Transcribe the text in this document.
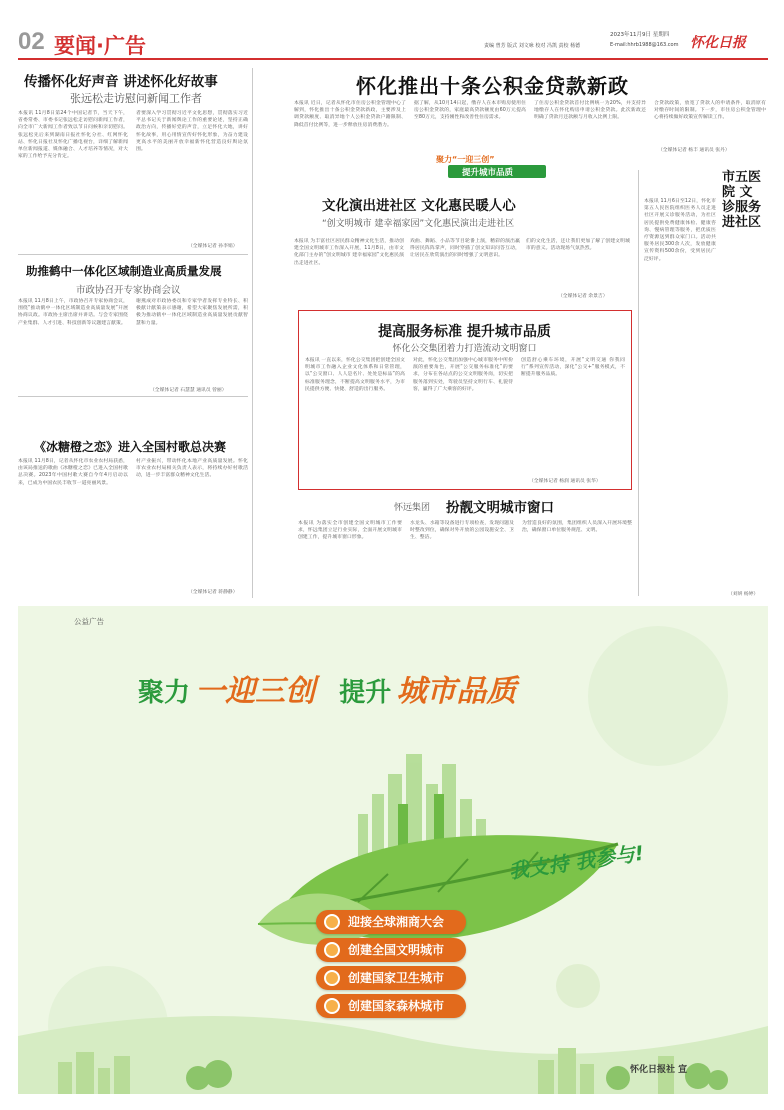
02 要闻·广告	2023年11月9日 星期四
责编 曾芳 版式 刘文咏 校对 冯凯 责校 杨德	E-mail:hhrb1988@163.com 怀化日报
传播怀化好声音 讲述怀化好故事
张远松走访慰问新闻工作者
本报讯 11月8日第24个中国记者节，当天下午，省委常委、市委书记张远松走访慰问新闻工作者，向全市广大新闻工作者致以节日问候和亲切慰问。张远松先后来到湖南日报社怀化分社、红网怀化站、怀化日报社及怀化广播电视台，详细了解新闻单位新闻报道、媒体融合、人才培养等情况，对大家的工作给予充分肯定。
者要深入学习贯彻习近平文化思想，贯彻落实习近平总书记关于新闻舆论工作的重要论述，坚持正确政治方向，传播好党的声音，立足怀化大地，讲好怀化故事，用心用情宣传好怀化形象，为奋力建设更高水平的美丽开放幸福新怀化营造良好舆论氛围。
（全媒体记者 孙李娟）
助推鹤中一体化区域制造业高质量发展
市政协召开专家协商会议
本报讯 11月8日上午，市政协召开专家协商会议，围绕“推动鹤中一体化区域制造业高质量发展”开展协商议政。市政协主席出席并讲话。与会专家围绕产业集群、人才引进、科技创新等议题建言献策。
谢燕成对市政协委员和专家学者发挥专业特长、积极献计献策表示感谢，希望大家聚焦发展所需，积极为推动鹤中一体化区域制造业高质量发展贡献智慧和力量。
（全媒体记者 石慧慧 通讯员 曾丽）
《冰糖橙之恋》进入全国村歌总决赛
本报讯 11月8日，记者从怀化市农业农村局获悉，由该局推送的歌曲《冰糖橙之恋》已进入全国村歌总决赛。2023年中国村歌大赛自今年4月启动以来，已成为中国农民丰收节一道亮丽风景。
村产业振兴，带动怀化本地产业高质量发展。怀化市农业农村局相关负责人表示，将持续办好村歌活动，进一步丰富群众精神文化生活。
（全媒体记者 蒋静静）
怀化推出十条公积金贷款新政
本报讯 近日，记者从怀化市住房公积金管理中心了解到，怀化推出十条公积金贷款新政，主要涉及上调贷款额度、取消异地个人公积金贷款户籍限制、降低首付比例等，进一步释放住房消费潜力。
据了解，从10月14日起，缴存人在本市购房使用住房公积金贷款的，家庭最高贷款额度由60万元提高至80万元，支持刚性和改善性住房需求。
了住房公积金贷款首付比例统一为20%，并支持异地缴存人在怀化购房申请公积金贷款。此次新政还明确了贷款月还款额与月收入比例上限。
合贷款政策，放宽了贷款人的申请条件，取消原有对缴存时间的限制。下一步，市住房公积金管理中心将持续做好政策宣传解读工作。
（全媒体记者 杨丰 通讯员 张丹）
聚力“一迎三创”
提升城市品质
文化演出进社区 文化惠民暖人心
“创文明城市 建幸福家园”文化惠民演出走进社区
本报讯 为丰富社区居民群众精神文化生活，推动创建全国文明城市工作深入开展，11月8日，由市文化部门主办的“创文明城市 建幸福家园”文化惠民演出走进社区。
戏曲、舞蹈、小品等节目轮番上演，精彩的演出赢得居民阵阵掌声，同时穿插了创文知识问答互动，让居民在欣赏演出的同时增强了文明意识。
们的文化生活，还让我们更加了解了创建文明城市的意义。活动现场气氛热烈。
（全媒体记者 余景吉）
提高服务标准 提升城市品质
怀化公交集团着力打造流动文明窗口
本报讯 一直以来，怀化公交集团把创建全国文明城市工作融入企业文化体系和日常管理，以“公交窗口、人人是名片、处处是标品”的高标准服务理念，不断提高文明服务水平，为市民提供方便、快捷、舒适的出行服务。
对此，怀化公交集团加强中心城市服务中所扮演的重要角色，开展“公交服务标准化”的要求，分布在各站点的公交文明服务岗，切实把服务落到实处，驾驶员坚持文明行车、礼貌待客，赢得了广大乘客的好评。
创造舒心乘车环境，开展“文明交通 你我同行”系列宣传活动，深化“公交+”服务模式，不断提升服务品质。
（全媒体记者 杨润 通讯员 张华）
怀远集团 扮靓文明城市窗口
本报讯 为落实全市创建全国文明城市工作要求，怀远集团立足行业实际，全面开展文明城市创建工作，提升城市窗口形象。
水龙头、水箱等设备进行专项检查，发现问题及时整改到位，确保对外开放的公园设施安全、卫生、整洁。
为营造良好的氛围，集团组织人员深入开展环境整治，确保窗口单位服务规范、文明。
市五医院 文诊服务进社区
本报讯 11月6日至12日，怀化市第五人民医院组织医务人员走进社区开展义诊服务活动，为社区居民提供免费健康体检、健康咨询、慢病管理等服务，把优质医疗资源送到群众家门口。活动共服务居民300余人次，发放健康宣传资料500余份，受到居民广泛好评。
（刘妍 杨婷）
公益广告
聚力 一迎三创 提升 城市品质
我支持 我参与!
迎接全球湘商大会
创建全国文明城市
创建国家卫生城市
创建国家森林城市
怀化日报社 宣
